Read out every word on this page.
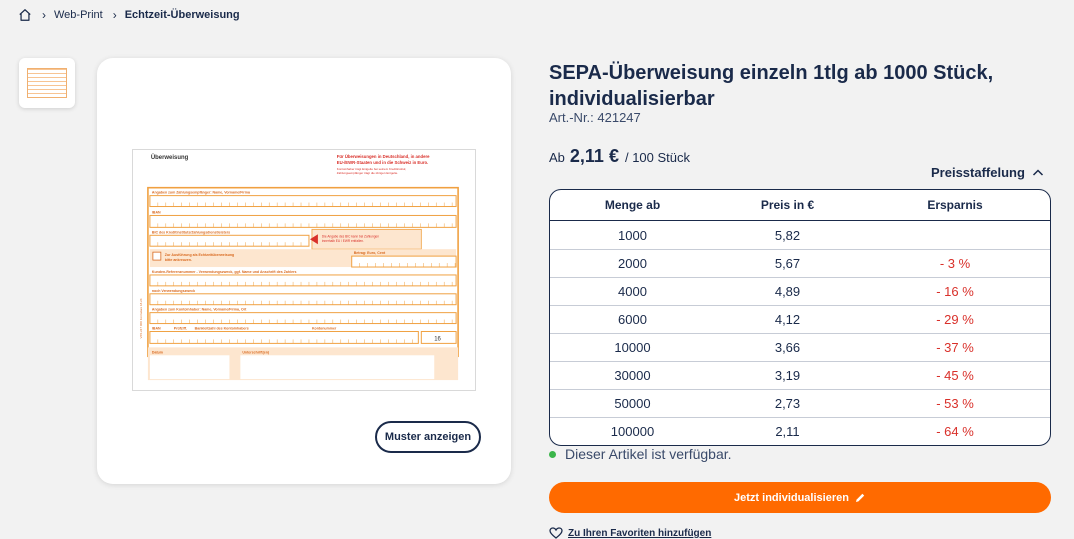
› Web-Print › Echtzeit-Überweisung
Überweisung	Für Überweisungen in Deutschland, in andere
EU-/EWR-Staaten und in die Schweiz in Euro.
Kontoinhaber trägt Entgelte bei seinem Kreditinstitut;
Zahlungsempfänger trägt die übrigen Entgelte.
Angaben zum Zahlungsempfänger: Name, Vorname/Firma
IBAN
BIC des Kreditinstituts/Zahlungsdienstleisters
Die Angabe des BIC kann bei Zahlungen
innerhalb EU / EWR entfallen.
Zur Ausführung als Echtzeitüberweisung
bitte ankreuzen.
Betrag: Euro, Cent
Kunden-Referenznummer - Verwendungszweck, ggf. Name und Anschrift des Zahlers
noch Verwendungszweck
Angaben zum Kontoinhaber: Name, Vorname/Firma, Ort
IBAN	Prüfziff. Bankleitzahl des Kontoinhabers	Kontonummer
16
Datum	Unterschrift(en)
VZS 247 000 Formulare 18.23
Muster anzeigen
SEPA-Überweisung einzeln 1tlg ab 1000 Stück, individualisierbar
Art.-Nr.: 421247
Ab 2,11 € / 100 Stück
Preisstaffelung
Menge ab	Preis in €	Ersparnis
1000	5,82
2000	5,67	- 3 %
4000	4,89	- 16 %
6000	4,12	- 29 %
10000	3,66	- 37 %
30000	3,19	- 45 %
50000	2,73	- 53 %
100000	2,11	- 64 %
Dieser Artikel ist verfügbar.
Jetzt individualisieren
Zu Ihren Favoriten hinzufügen
